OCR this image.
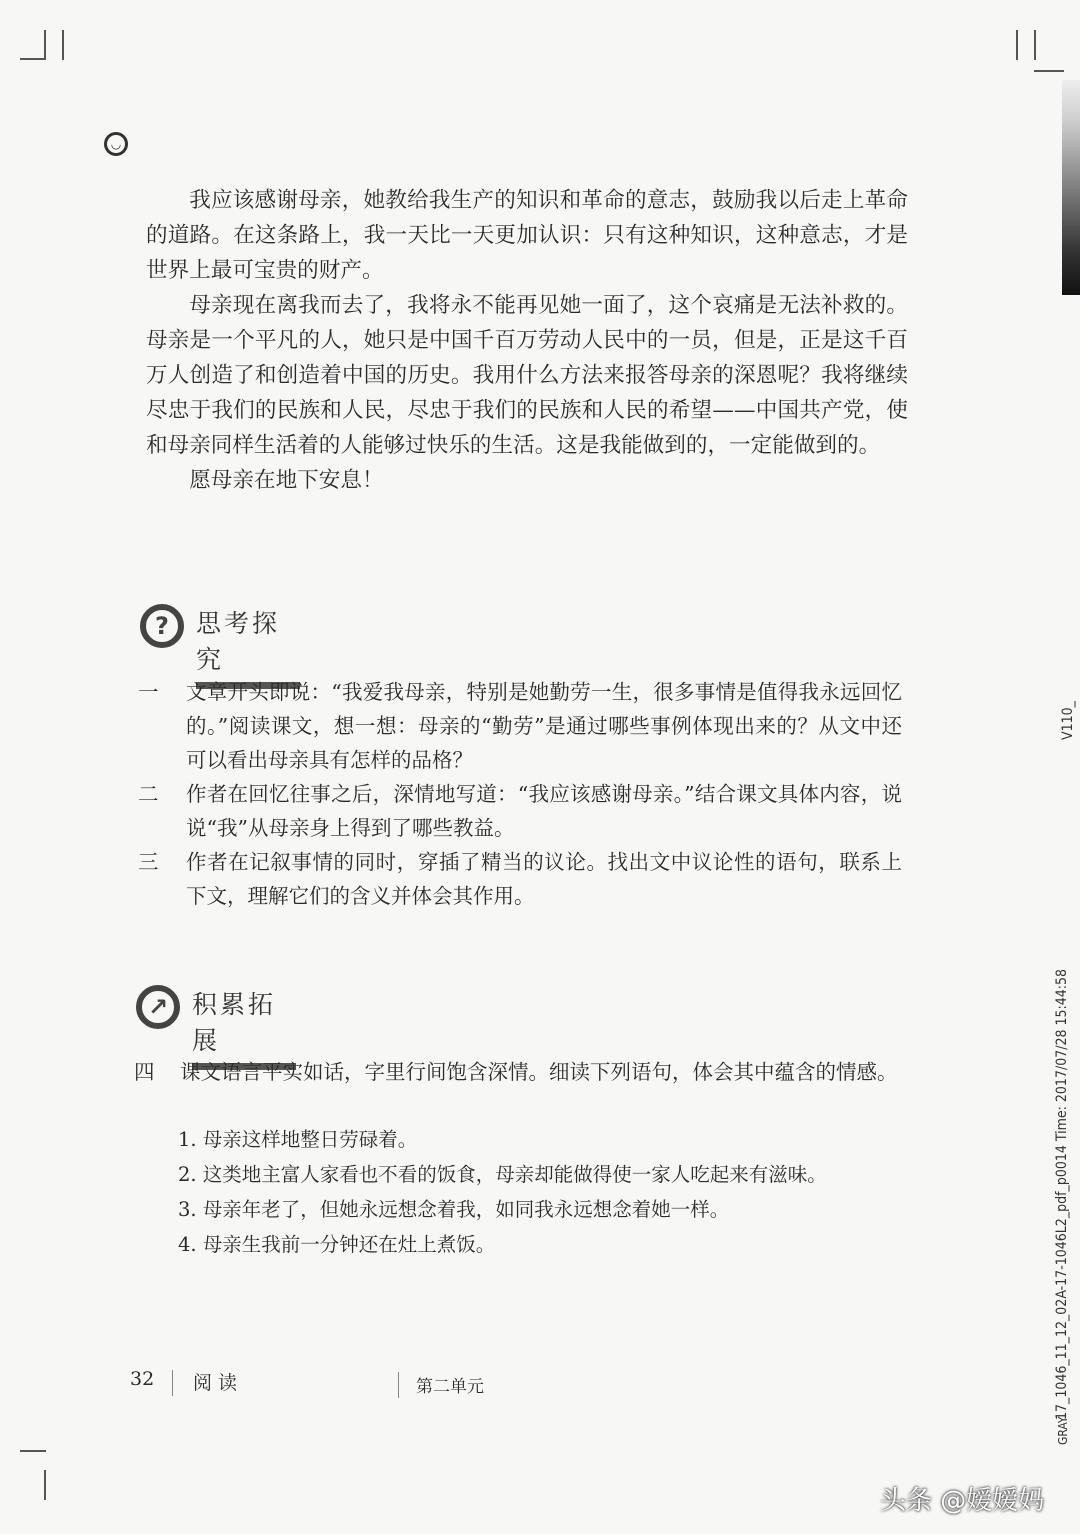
◡

我应该感谢母亲，她教给我生产的知识和革命的意志，鼓励我以后走上革命的道路。在这条路上，我一天比一天更加认识：只有这种知识，这种意志，才是世界上最可宝贵的财产。

母亲现在离我而去了，我将永不能再见她一面了，这个哀痛是无法补救的。母亲是一个平凡的人，她只是中国千百万劳动人民中的一员，但是，正是这千百万人创造了和创造着中国的历史。我用什么方法来报答母亲的深恩呢？我将继续尽忠于我们的民族和人民，尽忠于我们的民族和人民的希望——中国共产党，使和母亲同样生活着的人能够过快乐的生活。这是我能做到的，一定能做到的。

愿母亲在地下安息！

?	思考探究
一	文章开头即说：“我爱我母亲，特别是她勤劳一生，很多事情是值得我永远回忆的。”阅读课文，想一想：母亲的“勤劳”是通过哪些事例体现出来的？从文中还可以看出母亲具有怎样的品格？
二	作者在回忆往事之后，深情地写道：“我应该感谢母亲。”结合课文具体内容，说说“我”从母亲身上得到了哪些教益。
三	作者在记叙事情的同时，穿插了精当的议论。找出文中议论性的语句，联系上下文，理解它们的含义并体会其作用。
↗ 积累拓展
四	课文语言平实如话，字里行间饱含深情。细读下列语句，体会其中蕴含的情感。
1. 母亲这样地整日劳碌着。
2. 这类地主富人家看也不看的饭食，母亲却能做得使一家人吃起来有滋味。
3. 母亲年老了，但她永远想念着我，如同我永远想念着她一样。
4. 母亲生我前一分钟还在灶上煮饭。
32 阅 读	第二单元
V110_
17_1046_11_12_02A-17-1046L2_pdf_p0014 Time: 2017/07/28 15:44:58
GRAY
头条 @嫒嫒妈
